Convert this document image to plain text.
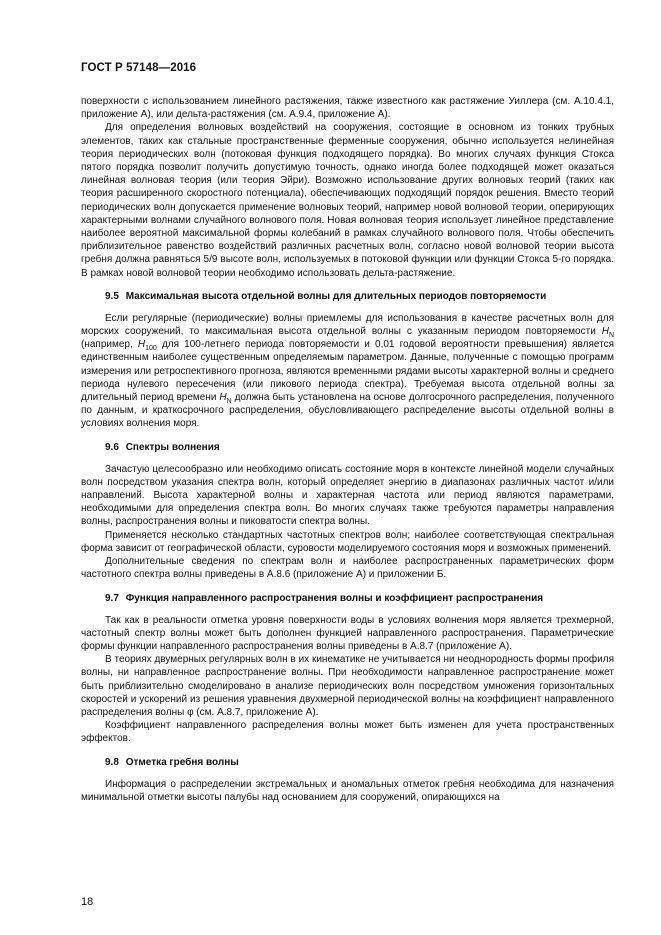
ГОСТ Р 57148—2016

поверхности с использованием линейного растяжения, также известного как растяжение Уиллера (см. А.10.4.1, приложение А), или дельта-растяжения (см. А.9.4, приложение А).

Для определения волновых воздействий на сооружения, состоящие в основном из тонких трубных элементов, таких как стальные пространственные ферменные сооружения, обычно используется нелинейная теория периодических волн (потоковая функция подходящего порядка). Во многих случаях функция Стокса пятого порядка позволит получить допустимую точность, однако иногда более подходящей может оказаться линейная волновая теория (или теория Эйри). Возможно использование других волновых теорий (таких как теория расширенного скоростного потенциала), обеспечивающих подходящий порядок решения. Вместо теорий периодических волн допускается применение волновых теорий, например новой волновой теории, оперирующих характерными волнами случайного волнового поля. Новая волновая теория использует линейное представление наиболее вероятной максимальной формы колебаний в рамках случайного волнового поля. Чтобы обеспечить приблизительное равенство воздействий различных расчетных волн, согласно новой волновой теории высота гребня должна равняться 5/9 высоте волн, используемых в потоковой функции или функции Стокса 5-го порядка. В рамках новой волновой теории необходимо использовать дельта-растяжение.

9.5 Максимальная высота отдельной волны для длительных периодов повторяемости

Если регулярные (периодические) волны приемлемы для использования в качестве расчетных волн для морских сооружений, то максимальная высота отдельной волны с указанным периодом повторяемости $H_N$ (например, $H_{100}$ для 100-летнего периода повторяемости и 0,01 годовой вероятности превышения) является единственным наиболее существенным определяемым параметром. Данные, полученные с помощью программ измерения или ретроспективного прогноза, являются временными рядами высоты характерной волны и среднего периода нулевого пересечения (или пикового периода спектра). Требуемая высота отдельной волны за длительный период времени $H_N$ должна быть установлена на основе долгосрочного распределения, полученного по данным, и краткосрочного распределения, обусловливающего распределение высоты отдельной волны в условиях волнения моря.

9.6 Спектры волнения

Зачастую целесообразно или необходимо описать состояние моря в контексте линейной модели случайных волн посредством указания спектра волн, который определяет энергию в диапазонах различных частот и/или направлений. Высота характерной волны и характерная частота или период являются параметрами, необходимыми для определения спектра волн. Во многих случаях также требуются параметры направления волны, распространения волны и пиковатости спектра волны.

Применяется несколько стандартных частотных спектров волн; наиболее соответствующая спектральная форма зависит от географической области, суровости моделируемого состояния моря и возможных применений.

Дополнительные сведения по спектрам волн и наиболее распространенных параметрических форм частотного спектра волны приведены в А.8.6 (приложение А) и приложении Б.

9.7 Функция направленного распространения волны и коэффициент распространения

Так как в реальности отметка уровня поверхности воды в условиях волнения моря является трехмерной, частотный спектр волны может быть дополнен функцией направленного распространения. Параметрические формы функции направленного распространения волны приведены в А.8.7 (приложение А).

В теориях двумерных регулярных волн в их кинематике не учитывается ни неоднородность формы профиля волны, ни направленное распространение волны. При необходимости направленное распространение может быть приблизительно смоделировано в анализе периодических волн посредством умножения горизонтальных скоростей и ускорений из решения уравнения двухмерной периодической волны на коэффициент направленного распределения волны φ (см. А.8.7, приложение А).

Коэффициент направленного распределения волны может быть изменен для учета пространственных эффектов.

9.8 Отметка гребня волны

Информация о распределении экстремальных и аномальных отметок гребня необходима для назначения минимальной отметки высоты палубы над основанием для сооружений, опирающихся на

18
